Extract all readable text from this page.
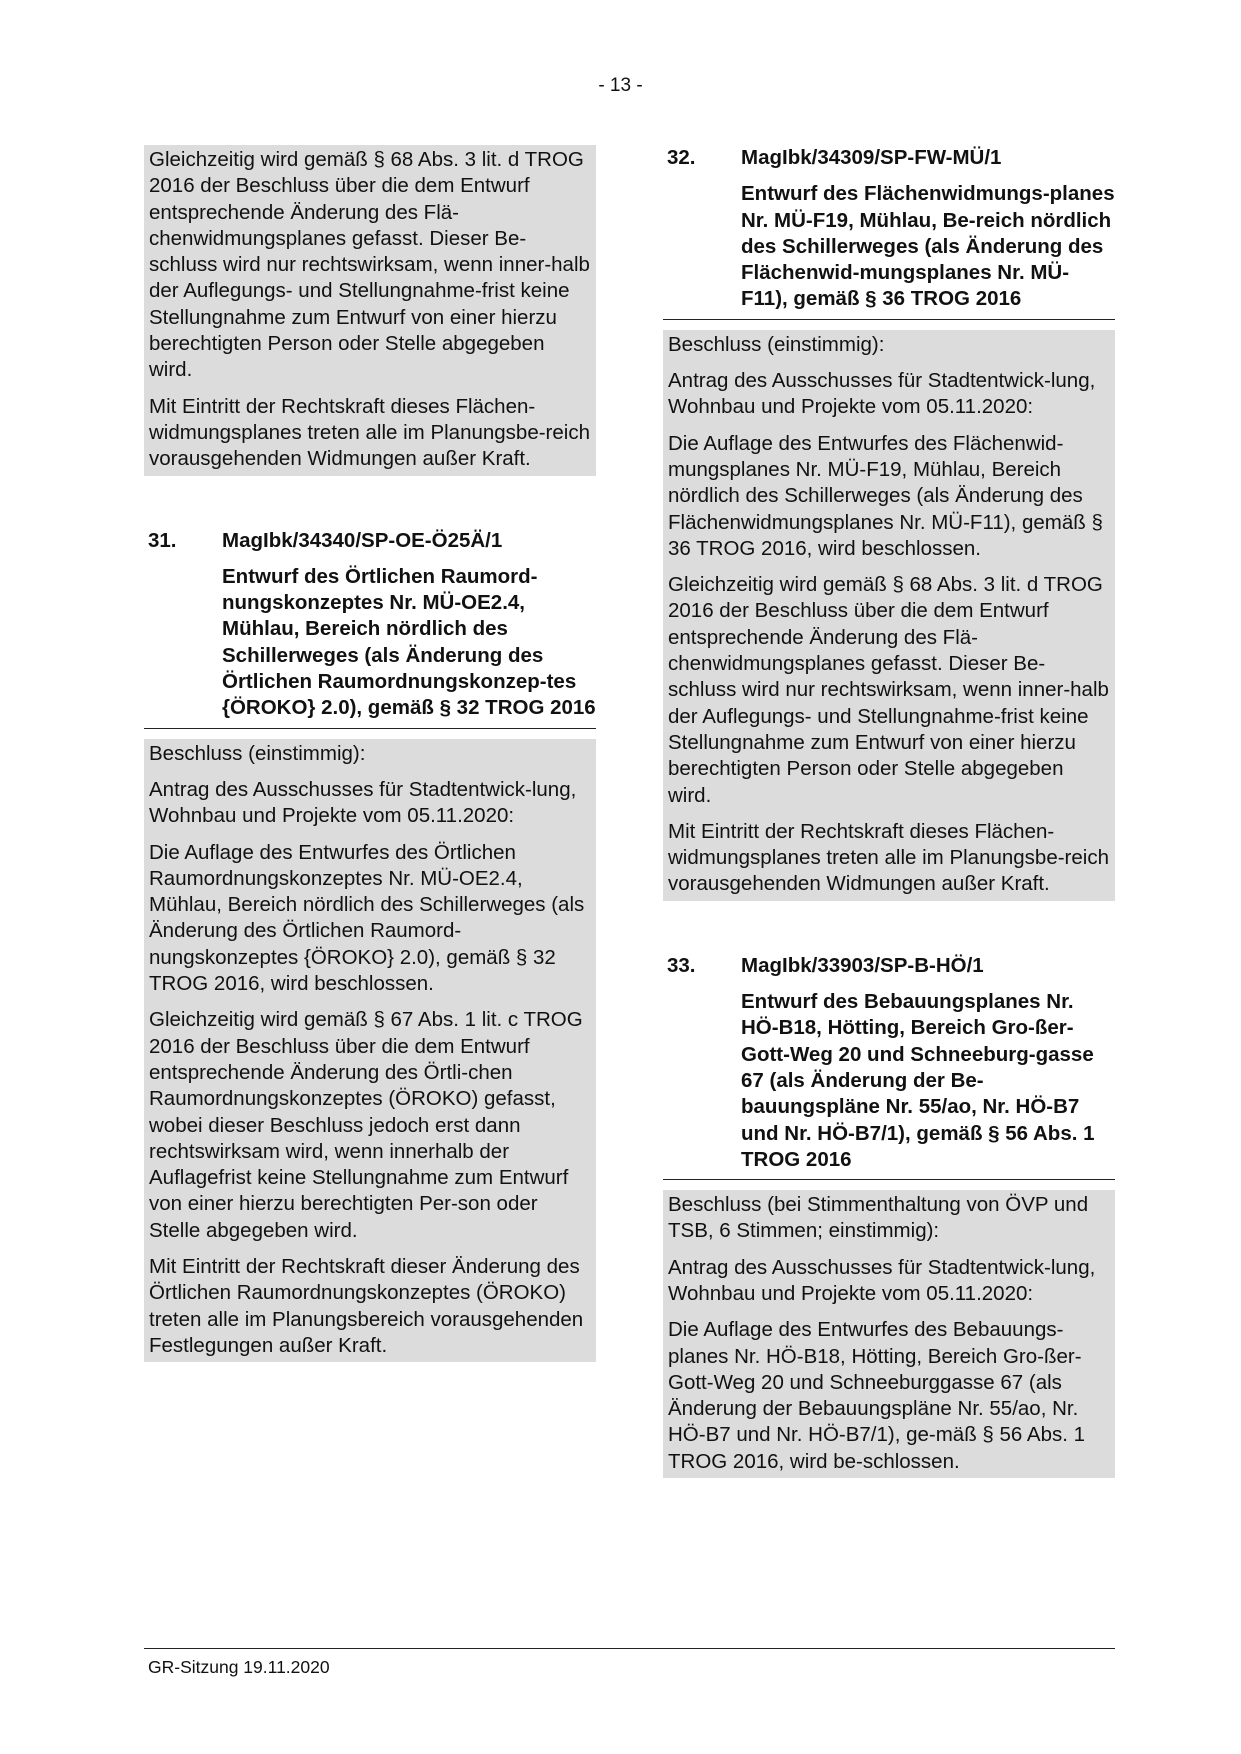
- 13 -

Gleichzeitig wird gemäß § 68 Abs. 3 lit. d TROG 2016 der Beschluss über die dem Entwurf entsprechende Änderung des Flä-chenwidmungsplanes gefasst. Dieser Be-schluss wird nur rechtswirksam, wenn inner-halb der Auflegungs- und Stellungnahme-frist keine Stellungnahme zum Entwurf von einer hierzu berechtigten Person oder Stelle abgegeben wird.

Mit Eintritt der Rechtskraft dieses Flächen-widmungsplanes treten alle im Planungsbe-reich vorausgehenden Widmungen außer Kraft.

31.	MagIbk/34340/SP-OE-Ö25Ä/1
Entwurf des Örtlichen Raumord-nungskonzeptes Nr. MÜ-OE2.4, Mühlau, Bereich nördlich des Schillerweges (als Änderung des Örtlichen Raumordnungskonzep-tes {ÖROKO} 2.0), gemäß § 32 TROG 2016

Beschluss (einstimmig):

Antrag des Ausschusses für Stadtentwick-lung, Wohnbau und Projekte vom 05.11.2020:

Die Auflage des Entwurfes des Örtlichen Raumordnungskonzeptes Nr. MÜ-OE2.4, Mühlau, Bereich nördlich des Schillerweges (als Änderung des Örtlichen Raumord-nungskonzeptes {ÖROKO} 2.0), gemäß § 32 TROG 2016, wird beschlossen.

Gleichzeitig wird gemäß § 67 Abs. 1 lit. c TROG 2016 der Beschluss über die dem Entwurf entsprechende Änderung des Örtli-chen Raumordnungskonzeptes (ÖROKO) gefasst, wobei dieser Beschluss jedoch erst dann rechtswirksam wird, wenn innerhalb der Auflagefrist keine Stellungnahme zum Entwurf von einer hierzu berechtigten Per-son oder Stelle abgegeben wird.

Mit Eintritt der Rechtskraft dieser Änderung des Örtlichen Raumordnungskonzeptes (ÖROKO) treten alle im Planungsbereich vorausgehenden Festlegungen außer Kraft.

32.	MagIbk/34309/SP-FW-MÜ/1
Entwurf des Flächenwidmungs-planes Nr. MÜ-F19, Mühlau, Be-reich nördlich des Schillerweges (als Änderung des Flächenwid-mungsplanes Nr. MÜ-F11), gemäß § 36 TROG 2016

Beschluss (einstimmig):

Antrag des Ausschusses für Stadtentwick-lung, Wohnbau und Projekte vom 05.11.2020:

Die Auflage des Entwurfes des Flächenwid-mungsplanes Nr. MÜ-F19, Mühlau, Bereich nördlich des Schillerweges (als Änderung des Flächenwidmungsplanes Nr. MÜ-F11), gemäß § 36 TROG 2016, wird beschlossen.

Gleichzeitig wird gemäß § 68 Abs. 3 lit. d TROG 2016 der Beschluss über die dem Entwurf entsprechende Änderung des Flä-chenwidmungsplanes gefasst. Dieser Be-schluss wird nur rechtswirksam, wenn inner-halb der Auflegungs- und Stellungnahme-frist keine Stellungnahme zum Entwurf von einer hierzu berechtigten Person oder Stelle abgegeben wird.

Mit Eintritt der Rechtskraft dieses Flächen-widmungsplanes treten alle im Planungsbe-reich vorausgehenden Widmungen außer Kraft.

33.	MagIbk/33903/SP-B-HÖ/1
Entwurf des Bebauungsplanes Nr. HÖ-B18, Hötting, Bereich Gro-ßer-Gott-Weg 20 und Schneeburg-gasse 67 (als Änderung der Be-bauungspläne Nr. 55/ao, Nr. HÖ-B7 und Nr. HÖ-B7/1), gemäß § 56 Abs. 1 TROG 2016

Beschluss (bei Stimmenthaltung von ÖVP und TSB, 6 Stimmen; einstimmig):

Antrag des Ausschusses für Stadtentwick-lung, Wohnbau und Projekte vom 05.11.2020:

Die Auflage des Entwurfes des Bebauungs-planes Nr. HÖ-B18, Hötting, Bereich Gro-ßer-Gott-Weg 20 und Schneeburggasse 67 (als Änderung der Bebauungspläne Nr. 55/ao, Nr. HÖ-B7 und Nr. HÖ-B7/1), ge-mäß § 56 Abs. 1 TROG 2016, wird be-schlossen.

GR-Sitzung 19.11.2020
